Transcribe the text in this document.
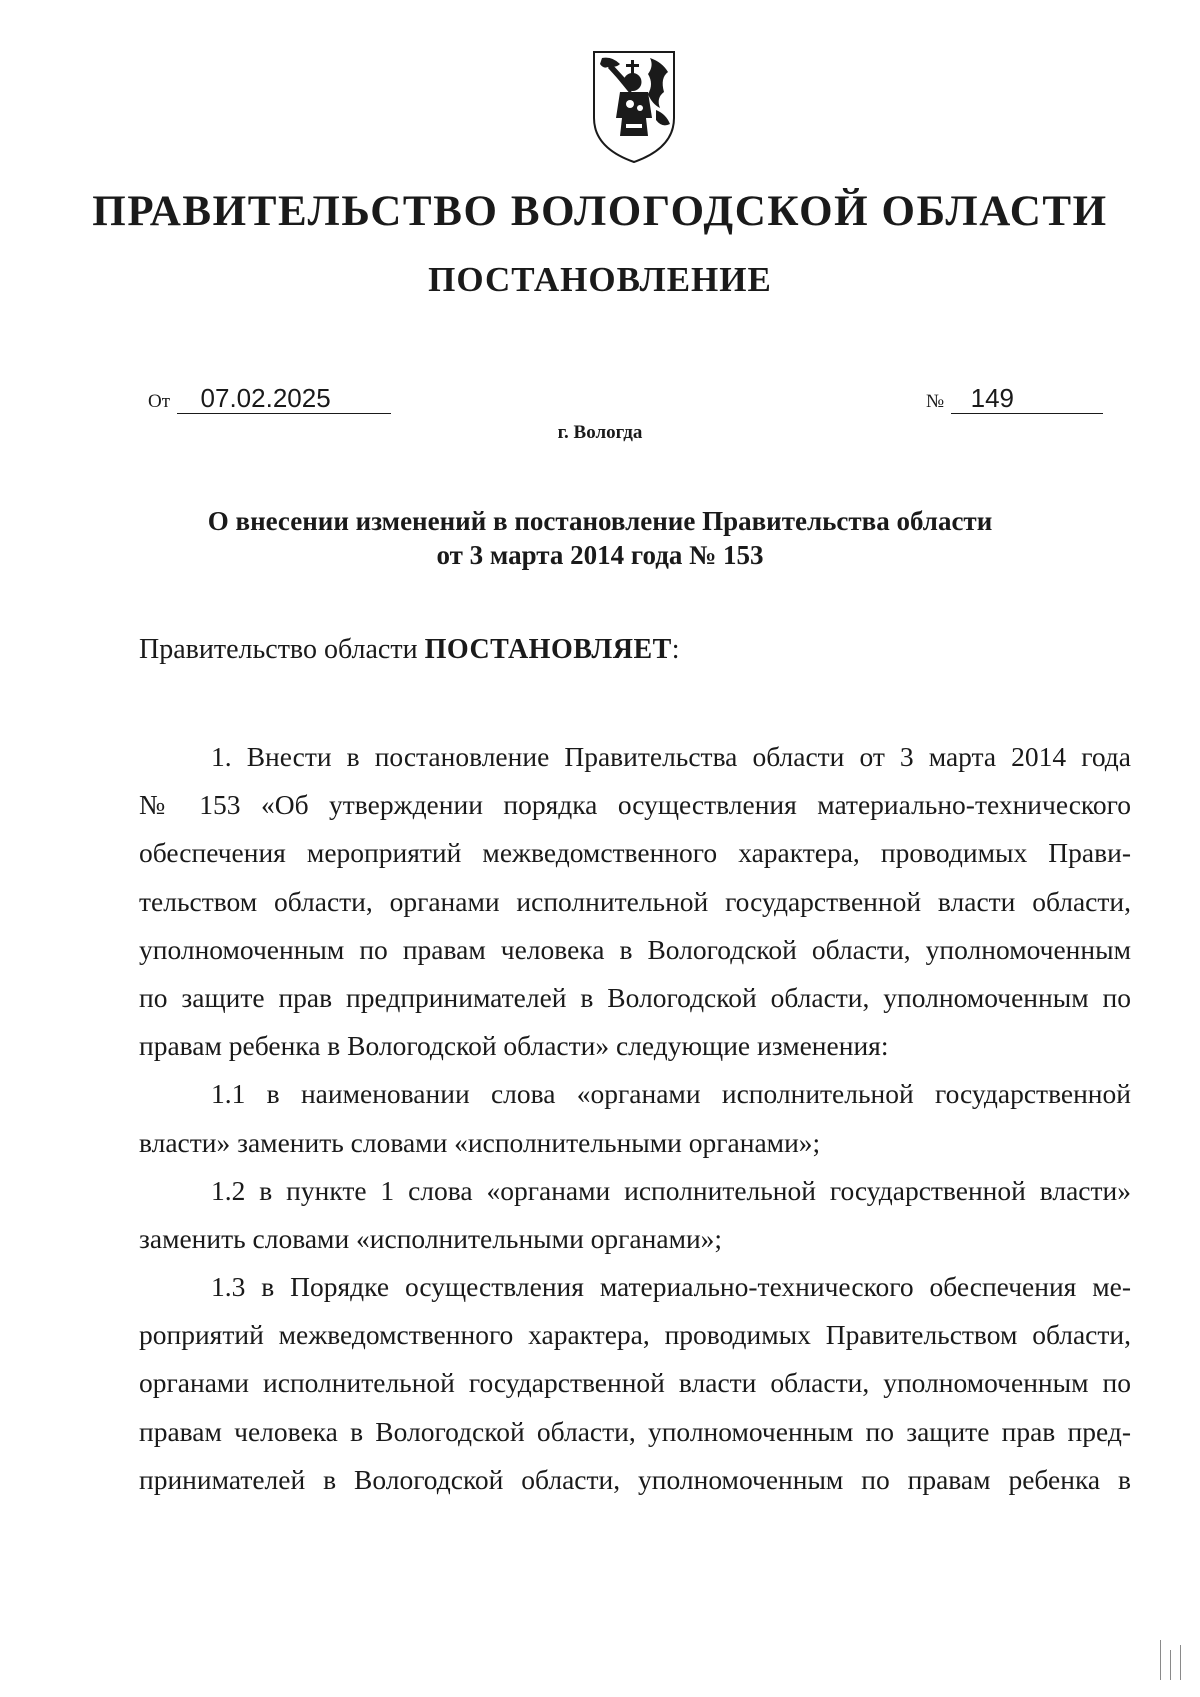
ПРАВИТЕЛЬСТВО ВОЛОГОДСКОЙ ОБЛАСТИ
ПОСТАНОВЛЕНИЕ
От 07.02.2025	№ 149
г. Вологда
О внесении изменений в постановление Правительства области
от 3 марта 2014 года № 153
Правительство области ПОСТАНОВЛЯЕТ:
1. Внести в постановление Правительства области от 3 марта 2014 года
№ 153 «Об утверждении порядка осуществления материально-технического
обеспечения мероприятий межведомственного характера, проводимых Прави-
тельством области, органами исполнительной государственной власти области,
уполномоченным по правам человека в Вологодской области, уполномоченным
по защите прав предпринимателей в Вологодской области, уполномоченным по
правам ребенка в Вологодской области» следующие изменения:
1.1 в наименовании слова «органами исполнительной государственной
власти» заменить словами «исполнительными органами»;
1.2 в пункте 1 слова «органами исполнительной государственной власти»
заменить словами «исполнительными органами»;
1.3 в Порядке осуществления материально-технического обеспечения ме-
роприятий межведомственного характера, проводимых Правительством области,
органами исполнительной государственной власти области, уполномоченным по
правам человека в Вологодской области, уполномоченным по защите прав пред-
принимателей в Вологодской области, уполномоченным по правам ребенка в
